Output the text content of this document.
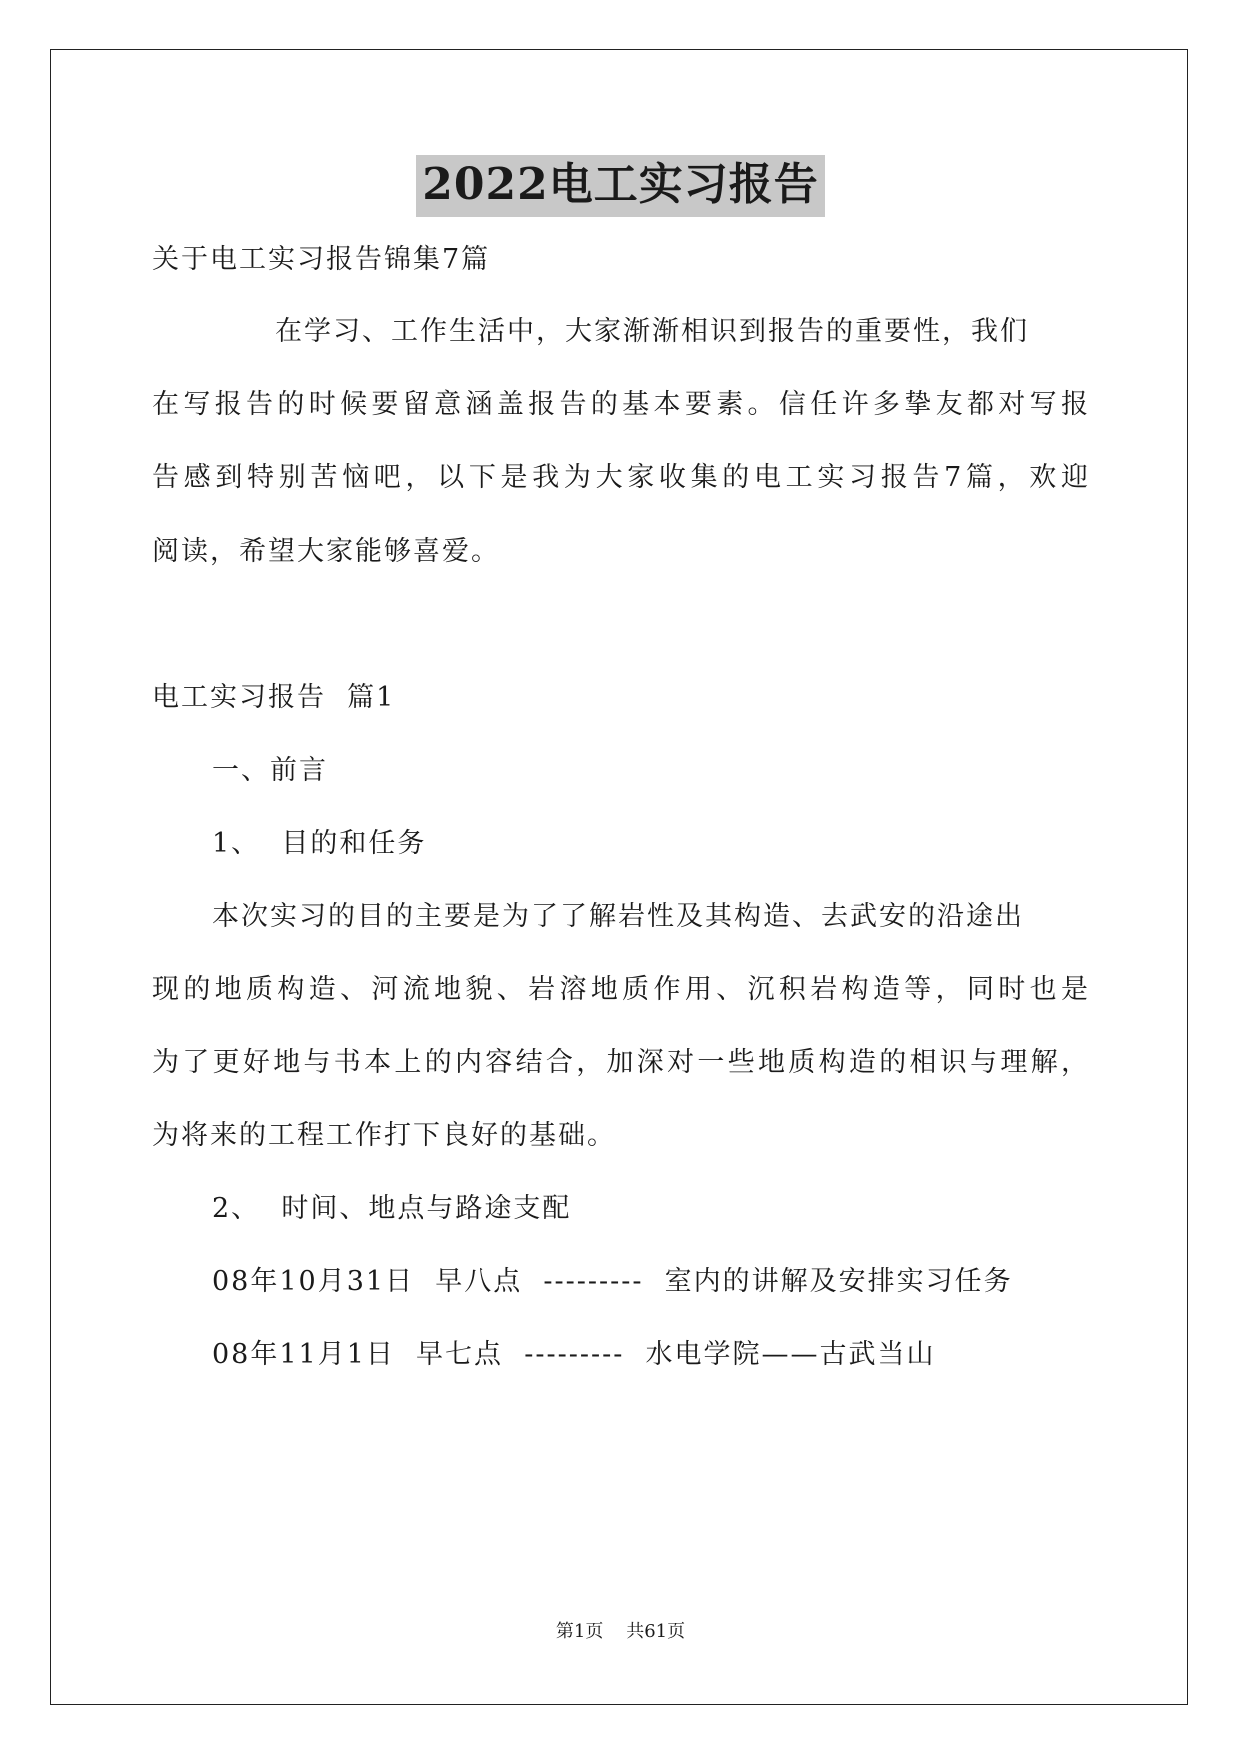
2022电工实习报告
关于电工实习报告锦集7篇
在学习、工作生活中，大家渐渐相识到报告的重要性，我们
在写报告的时候要留意涵盖报告的基本要素。信任许多挚友都对写报
告感到特别苦恼吧，以下是我为大家收集的电工实习报告7篇，欢迎
阅读，希望大家能够喜爱。
电工实习报告  篇1
一、前言
1、  目的和任务
本次实习的目的主要是为了了解岩性及其构造、去武安的沿途出
现的地质构造、河流地貌、岩溶地质作用、沉积岩构造等，同时也是
为了更好地与书本上的内容结合，加深对一些地质构造的相识与理解，
为将来的工程工作打下良好的基础。
2、  时间、地点与路途支配
08年10月31日  早八点  ---------  室内的讲解及安排实习任务
08年11月1日  早七点  ---------  水电学院——古武当山
第1页    共61页
